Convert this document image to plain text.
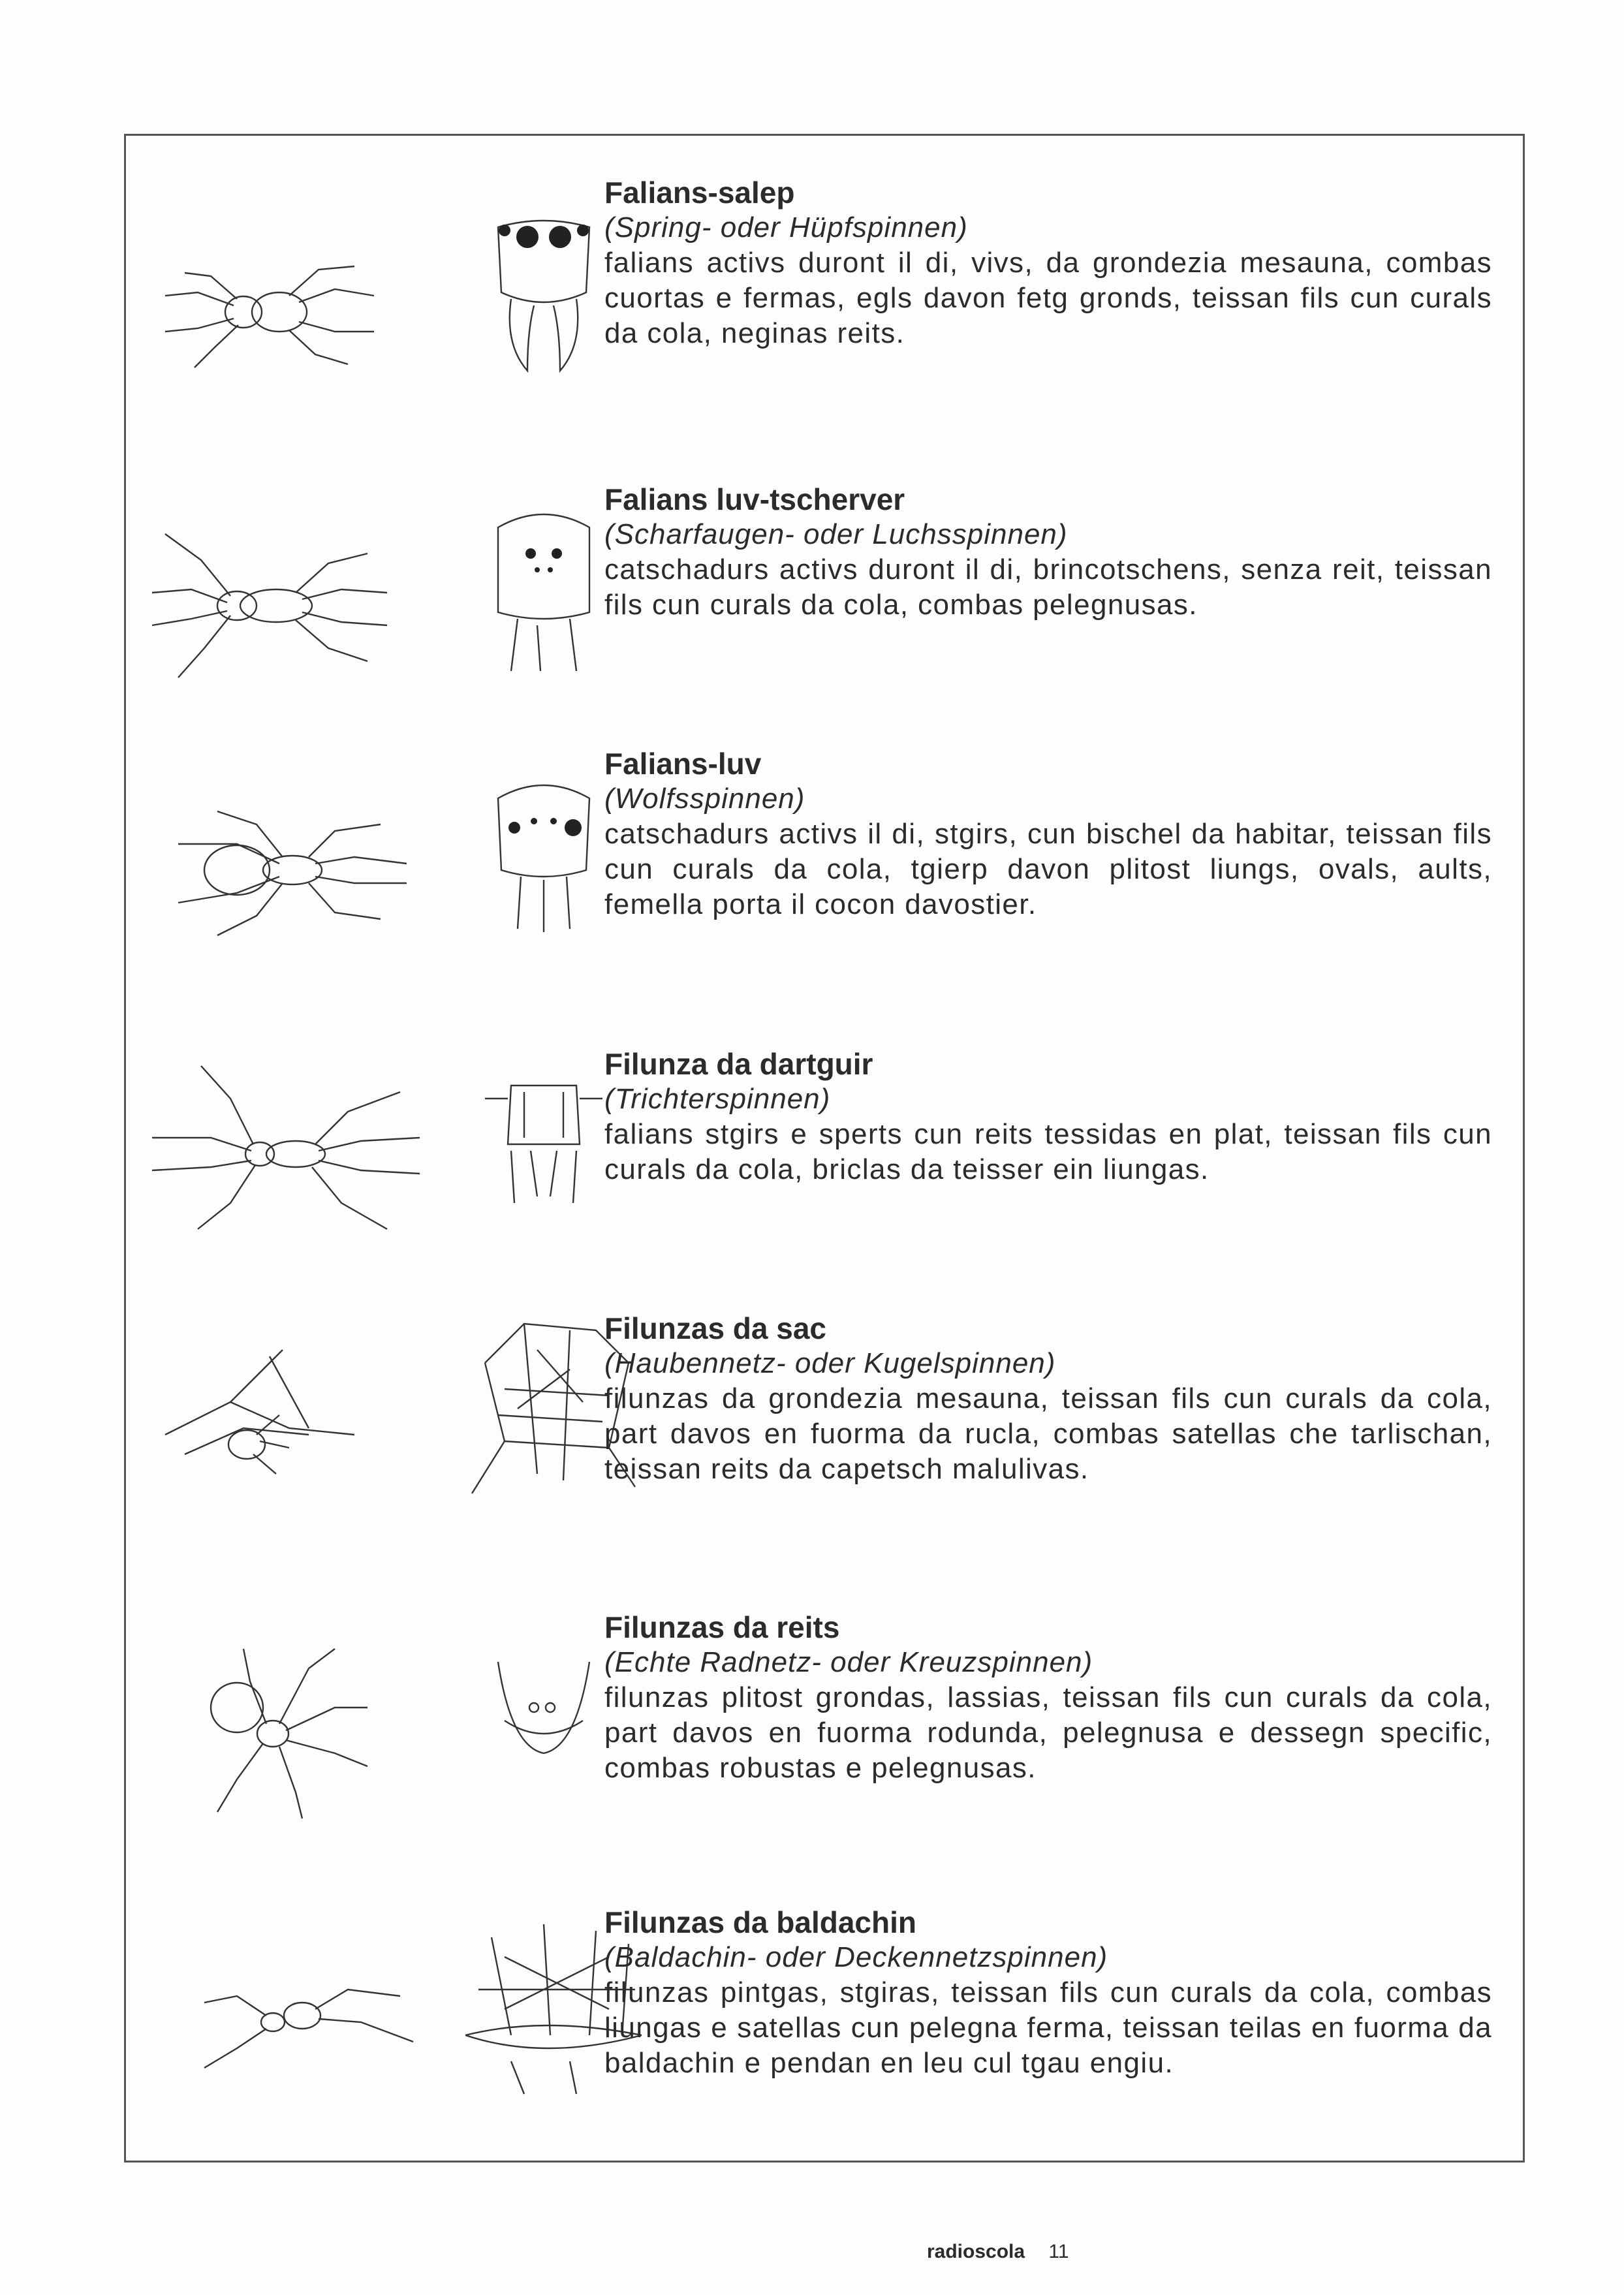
Falians-salep
(Spring- oder Hüpfspinnen)
falians activs duront il di, vivs, da grondezia mesauna, combas cuortas e fermas, egls davon fetg gronds, teissan fils cun curals da cola, neginas reits.
Falians luv-tscherver
(Scharfaugen- oder Luchsspinnen)
catschadurs activs duront il di, brincotschens, senza reit, teissan fils cun curals da cola, combas pelegnusas.
Falians-luv
(Wolfsspinnen)
catschadurs activs il di, stgirs, cun bischel da habitar, teissan fils cun curals da cola, tgierp davon plitost liungs, ovals, aults, femella porta il cocon davostier.
Filunza da dartguir
(Trichterspinnen)
falians stgirs e sperts cun reits tessidas en plat, teissan fils cun curals da cola, briclas da teisser ein liungas.
Filunzas da sac
(Haubennetz- oder Kugelspinnen)
filunzas da grondezia mesauna, teissan fils cun curals da cola, part davos en fuorma da rucla, combas satellas che tarlischan, teissan reits da capetsch malulivas.
Filunzas da reits
(Echte Radnetz- oder Kreuzspinnen)
filunzas plitost grondas, lassias, teissan fils cun curals da cola, part davos en fuorma rodunda, pelegnusa e dessegn specific, combas robustas e pelegnusas.
Filunzas da baldachin
(Baldachin- oder Deckennetzspinnen)
filunzas pintgas, stgiras, teissan fils cun curals da cola, combas liungas e satellas cun pelegna ferma, teissan teilas en fuorma da baldachin e pendan en leu cul tgau engiu.
radioscola 11
